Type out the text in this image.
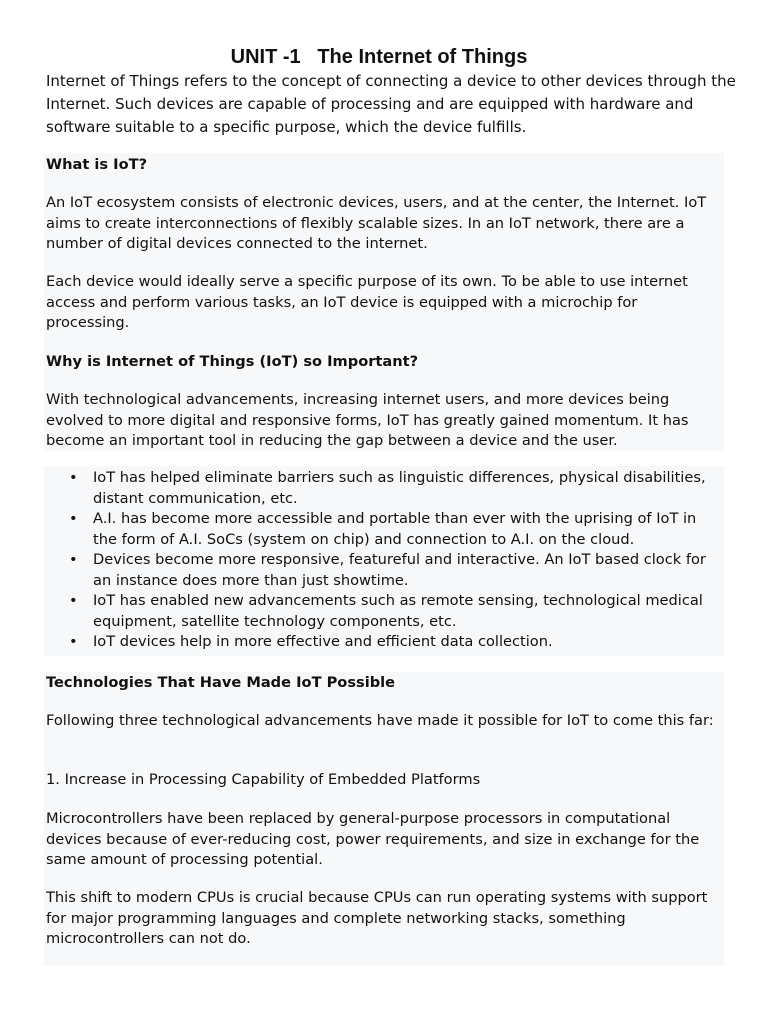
UNIT -1   The Internet of Things

Internet of Things refers to the concept of connecting a device to other devices through the Internet. Such devices are capable of processing and are equipped with hardware and software suitable to a specific purpose, which the device fulfills.

What is IoT?

An IoT ecosystem consists of electronic devices, users, and at the center, the Internet. IoT aims to create interconnections of flexibly scalable sizes. In an IoT network, there are a number of digital devices connected to the internet.

Each device would ideally serve a specific purpose of its own. To be able to use internet access and perform various tasks, an IoT device is equipped with a microchip for processing.

Why is Internet of Things (IoT) so Important?

With technological advancements, increasing internet users, and more devices being evolved to more digital and responsive forms, IoT has greatly gained momentum. It has become an important tool in reducing the gap between a device and the user.

• IoT has helped eliminate barriers such as linguistic differences, physical disabilities, distant communication, etc.
• A.I. has become more accessible and portable than ever with the uprising of IoT in the form of A.I. SoCs (system on chip) and connection to A.I. on the cloud.
• Devices become more responsive, featureful and interactive. An IoT based clock for an instance does more than just showtime.
• IoT has enabled new advancements such as remote sensing, technological medical equipment, satellite technology components, etc.
• IoT devices help in more effective and efficient data collection.

Technologies That Have Made IoT Possible

Following three technological advancements have made it possible for IoT to come this far:

1. Increase in Processing Capability of Embedded Platforms

Microcontrollers have been replaced by general-purpose processors in computational devices because of ever-reducing cost, power requirements, and size in exchange for the same amount of processing potential.

This shift to modern CPUs is crucial because CPUs can run operating systems with support for major programming languages and complete networking stacks, something microcontrollers can not do.
